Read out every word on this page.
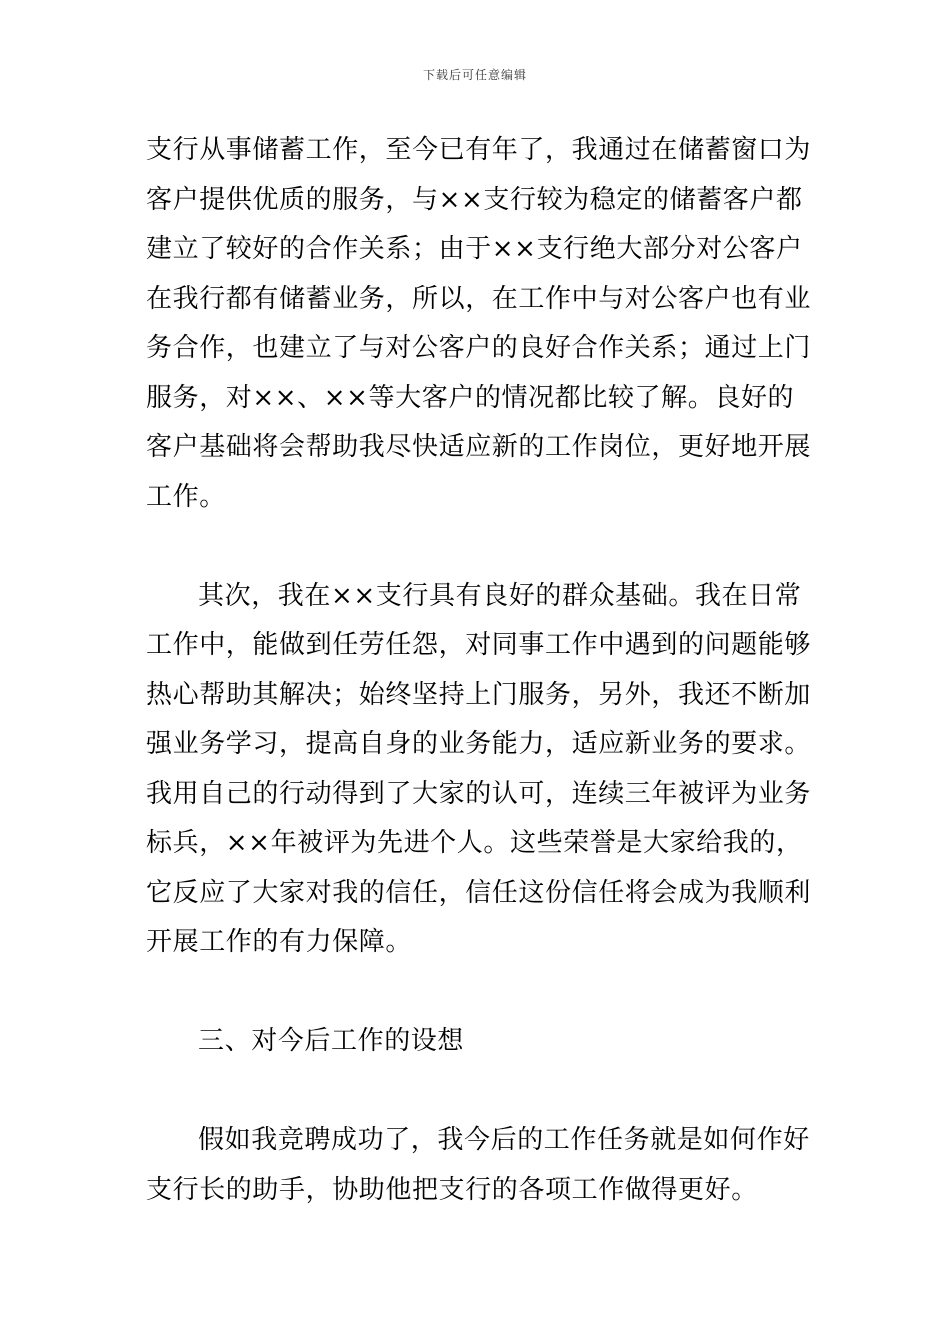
下载后可任意编辑
支行从事储蓄工作，至今已有年了，我通过在储蓄窗口为
客户提供优质的服务，与××支行较为稳定的储蓄客户都
建立了较好的合作关系；由于××支行绝大部分对公客户
在我行都有储蓄业务，所以，在工作中与对公客户也有业
务合作，也建立了与对公客户的良好合作关系；通过上门
服务，对××、××等大客户的情况都比较了解。良好的
客户基础将会帮助我尽快适应新的工作岗位，更好地开展
工作。
其次，我在××支行具有良好的群众基础。我在日常
工作中，能做到任劳任怨，对同事工作中遇到的问题能够
热心帮助其解决；始终坚持上门服务，另外，我还不断加
强业务学习，提高自身的业务能力，适应新业务的要求。
我用自己的行动得到了大家的认可，连续三年被评为业务
标兵，××年被评为先进个人。这些荣誉是大家给我的，
它反应了大家对我的信任，信任这份信任将会成为我顺利
开展工作的有力保障。
三、对今后工作的设想
假如我竞聘成功了，我今后的工作任务就是如何作好
支行长的助手，协助他把支行的各项工作做得更好。
